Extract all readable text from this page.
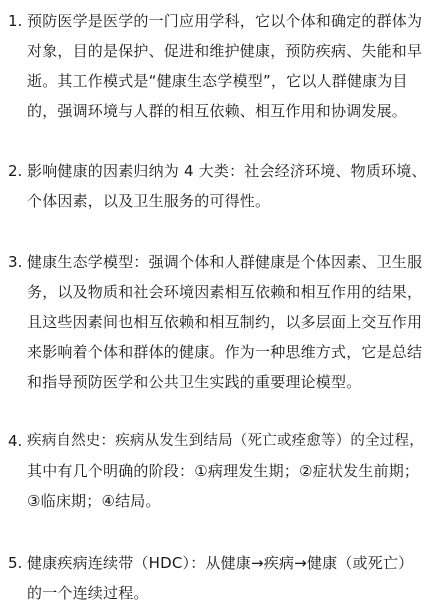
1. 预防医学是医学的一门应用学科，它以个体和确定的群体为
对象，目的是保护、促进和维护健康，预防疾病、失能和早
逝。其工作模式是“健康生态学模型”，它以人群健康为目
的，强调环境与人群的相互依赖、相互作用和协调发展。
2. 影响健康的因素归纳为 4 大类：社会经济环境、物质环境、
个体因素，以及卫生服务的可得性。
3. 健康生态学模型：强调个体和人群健康是个体因素、卫生服
务，以及物质和社会环境因素相互依赖和相互作用的结果，
且这些因素间也相互依赖和相互制约，以多层面上交互作用
来影响着个体和群体的健康。作为一种思维方式，它是总结
和指导预防医学和公共卫生实践的重要理论模型。
4. 疾病自然史：疾病从发生到结局（死亡或痊愈等）的全过程，
其中有几个明确的阶段：①病理发生期；②症状发生前期；
③临床期；④结局。
5. 健康疾病连续带（HDC）：从健康→疾病→健康（或死亡）
的一个连续过程。
